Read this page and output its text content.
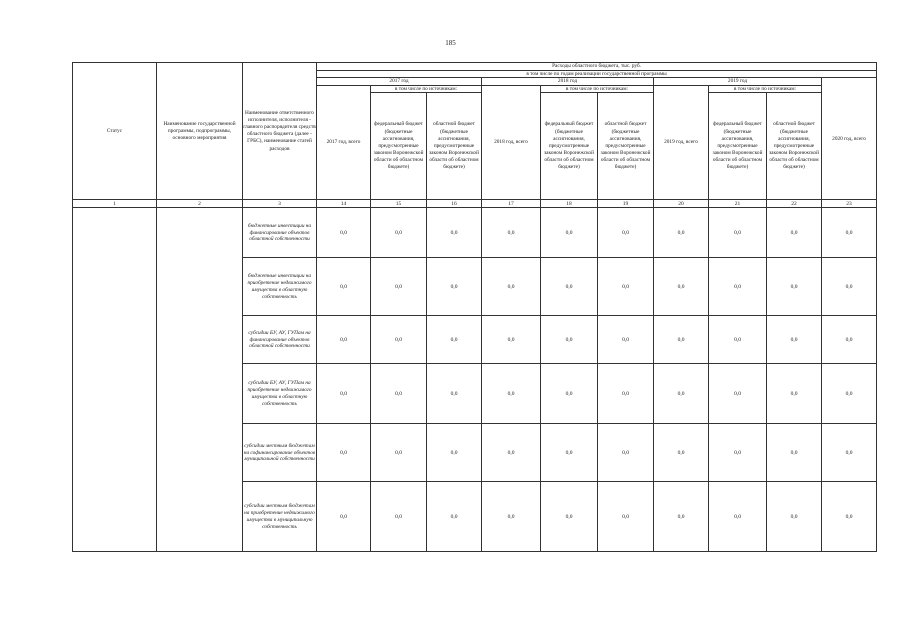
185
Статус	Наименование государственной программы, подпрограммы, основного мероприятия	Наименование ответственного исполнителя, исполнителя - главного распорядителя средств областного бюджета (далее - ГРБС), наименование статей расходов	Расходы областного бюджета, тыс. руб.									
			в том числе по годам реализации государственной программы									
			2017 год			2018 год			2019 год			2020 год, всего
			2017 год, всего	в том числе по источникам:		2018 год, всего	в том числе по источникам:		2019 год, всего	в том числе по источникам:		
				федеральный бюджет (бюджетные ассигнования, предусмотренные законом Воронежской области об областном бюджете)	областной бюджет (бюджетные ассигнования, предусмотренные законом Воронежской области об областном бюджете)		федеральный бюджет (бюджетные ассигнования, предусмотренные законом Воронежской области об областном бюджете)	областной бюджет (бюджетные ассигнования, предусмотренные законом Воронежской области об областном бюджете)		федеральный бюджет (бюджетные ассигнования, предусмотренные законом Воронежской области об областном бюджете)	областной бюджет (бюджетные ассигнования, предусмотренные законом Воронежской области об областном бюджете)	
1	2	3	14	15	16	17	18	19	20	21	22	23
		бюджетные инвестиции на финансирование объектов областной собственности	0,0	0,0	0,0	0,0	0,0	0,0	0,0	0,0	0,0	0,0
		бюджетные инвестиции на приобретение недвижимого имущества в областную собственность	0,0	0,0	0,0	0,0	0,0	0,0	0,0	0,0	0,0	0,0
		субсидии БУ, АУ, ГУПам на финансирование объектов областной собственности	0,0	0,0	0,0	0,0	0,0	0,0	0,0	0,0	0,0	0,0
		субсидии БУ, АУ, ГУПам на приобретение недвижимого имущества в областную собственность	0,0	0,0	0,0	0,0	0,0	0,0	0,0	0,0	0,0	0,0
		субсидии местным бюджетам на софинансирование объектов муниципальной собственности	0,0	0,0	0,0	0,0	0,0	0,0	0,0	0,0	0,0	0,0
		субсидии местным бюджетам на приобретение недвижимого имущества в муниципальную собственность	0,0	0,0	0,0	0,0	0,0	0,0	0,0	0,0	0,0	0,0
